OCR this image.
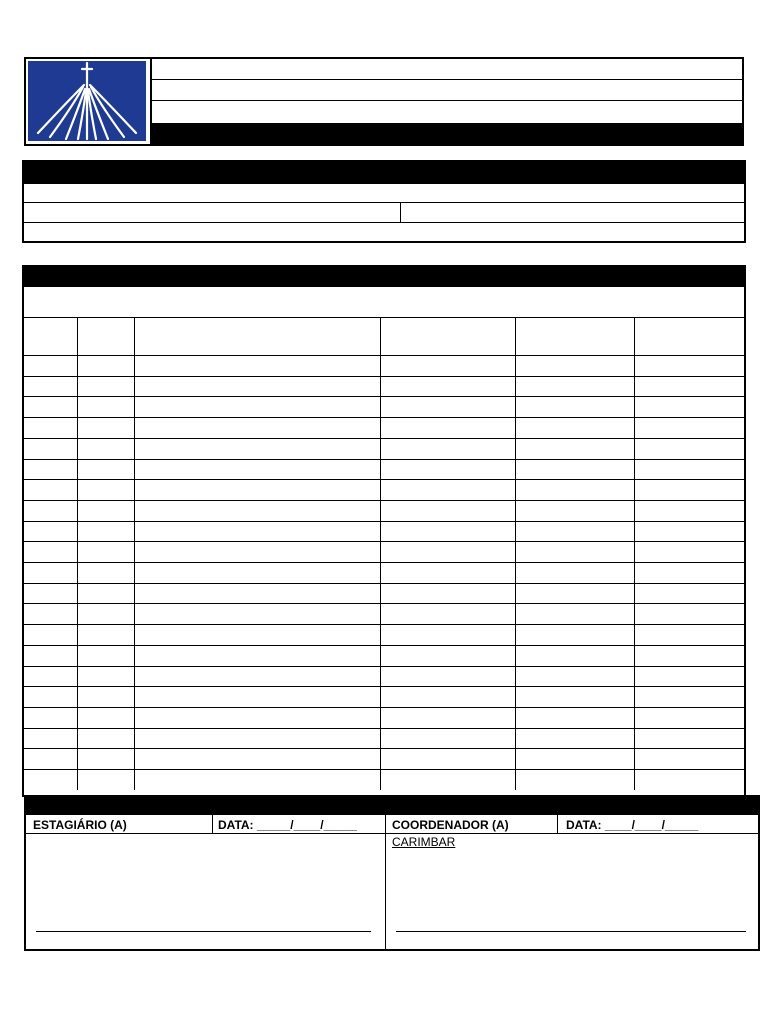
ESTAGIÁRIO (A)	DATA: _____/____/_____	COORDENADOR (A)	DATA: ____/____/_____
CARIMBAR
